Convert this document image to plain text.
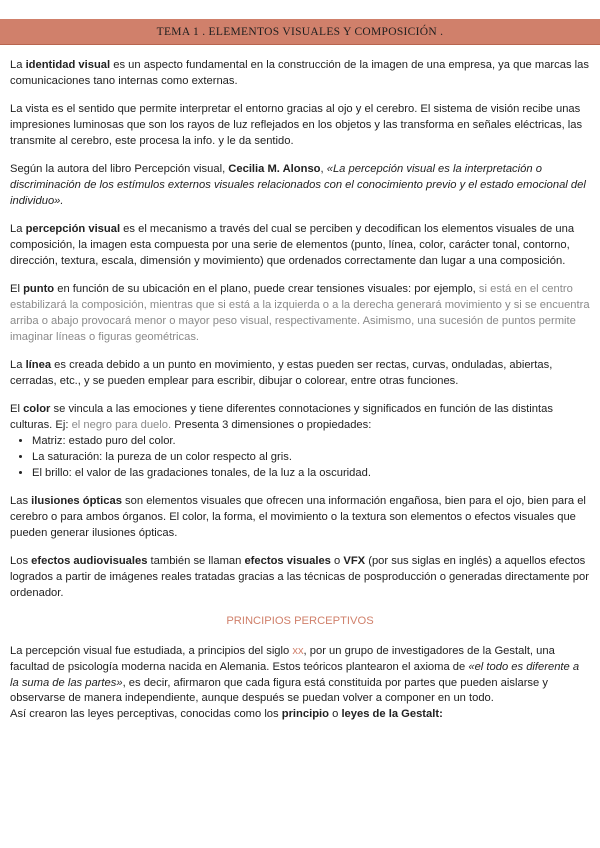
TEMA 1 . ELEMENTOS VISUALES Y COMPOSICIÓN .

La identidad visual es un aspecto fundamental en la construcción de la imagen de una empresa, ya que marcas las comunicaciones tano internas como externas.

La vista es el sentido que permite interpretar el entorno gracias al ojo y el cerebro. El sistema de visión recibe unas impresiones luminosas que son los rayos de luz reflejados en los objetos y las transforma en señales eléctricas, las transmite al cerebro, este procesa la info. y le da sentido.

Según la autora del libro Percepción visual, Cecilia M. Alonso, «La percepción visual es la interpretación o discriminación de los estímulos externos visuales relacionados con el conocimiento previo y el estado emocional del individuo».

La percepción visual es el mecanismo a través del cual se perciben y decodifican los elementos visuales de una composición, la imagen esta compuesta por una serie de elementos (punto, línea, color, carácter tonal, contorno, dirección, textura, escala, dimensión y movimiento) que ordenados correctamente dan lugar a una composición.

El punto en función de su ubicación en el plano, puede crear tensiones visuales: por ejemplo, si está en el centro estabilizará la composición, mientras que si está a la izquierda o a la derecha generará movimiento y si se encuentra arriba o abajo provocará menor o mayor peso visual, respectivamente. Asimismo, una sucesión de puntos permite imaginar líneas o figuras geométricas.

La línea es creada debido a un punto en movimiento, y estas pueden ser rectas, curvas, onduladas, abiertas, cerradas, etc., y se pueden emplear para escribir, dibujar o colorear, entre otras funciones.

El color se vincula a las emociones y tiene diferentes connotaciones y significados en función de las distintas culturas. Ej: el negro para duelo. Presenta 3 dimensiones o propiedades:

• Matriz: estado puro del color.
• La saturación: la pureza de un color respecto al gris.
• El brillo: el valor de las gradaciones tonales, de la luz a la oscuridad.

Las ilusiones ópticas son elementos visuales que ofrecen una información engañosa, bien para el ojo, bien para el cerebro o para ambos órganos. El color, la forma, el movimiento o la textura son elementos o efectos visuales que pueden generar ilusiones ópticas.

Los efectos audiovisuales también se llaman efectos visuales o VFX (por sus siglas en inglés) a aquellos efectos logrados a partir de imágenes reales tratadas gracias a las técnicas de posproducción o generadas directamente por ordenador.

PRINCIPIOS PERCEPTIVOS

La percepción visual fue estudiada, a principios del siglo xx, por un grupo de investigadores de la Gestalt, una facultad de psicología moderna nacida en Alemania. Estos teóricos plantearon el axioma de «el todo es diferente a la suma de las partes», es decir, afirmaron que cada figura está constituida por partes que pueden aislarse y observarse de manera independiente, aunque después se puedan volver a componer en un todo.

Así crearon las leyes perceptivas, conocidas como los principio o leyes de la Gestalt:
